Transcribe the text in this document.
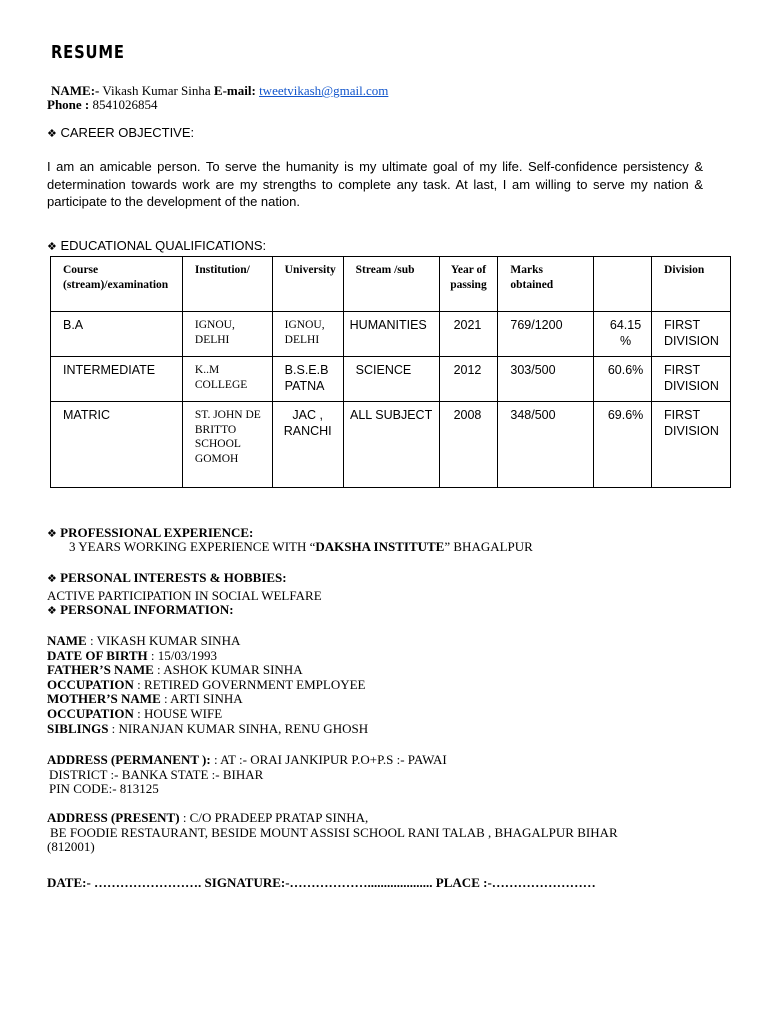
RESUME
NAME:- Vikash Kumar Sinha E-mail: tweetvikash@gmail.com
Phone : 8541026854
❖ CAREER OBJECTIVE:
I am an amicable person. To serve the humanity is my ultimate goal of my life. Self-confidence persistency & determination towards work are my strengths to complete any task. At last, I am willing to serve my nation & participate to the development of the nation.
❖ EDUCATIONAL QUALIFICATIONS:
Course (stream)/examination	Institution/	University	Stream /sub	Year of passing	Marks obtained		Division
B.A	IGNOU, DELHI	IGNOU, DELHI	HUMANITIES	2021	769/1200	64.15 %	FIRST DIVISION
INTERMEDIATE	K..M COLLEGE	B.S.E.B PATNA	SCIENCE	2012	303/500	60.6%	FIRST DIVISION
MATRIC	ST. JOHN DE BRITTO SCHOOL GOMOH	JAC , RANCHI	ALL SUBJECT	2008	348/500	69.6%	FIRST DIVISION
❖ PROFESSIONAL EXPERIENCE:
3 YEARS WORKING EXPERIENCE WITH “DAKSHA INSTITUTE” BHAGALPUR
❖ PERSONAL INTERESTS & HOBBIES:
ACTIVE PARTICIPATION IN SOCIAL WELFARE
❖ PERSONAL INFORMATION:
NAME : VIKASH KUMAR SINHA
DATE OF BIRTH : 15/03/1993
FATHER’S NAME : ASHOK KUMAR SINHA
OCCUPATION : RETIRED GOVERNMENT EMPLOYEE
MOTHER’S NAME : ARTI SINHA
OCCUPATION : HOUSE WIFE
SIBLINGS : NIRANJAN KUMAR SINHA, RENU GHOSH
ADDRESS (PERMANENT ): : AT :- ORAI JANKIPUR P.O+P.S :- PAWAI
DISTRICT :- BANKA STATE :- BIHAR
PIN CODE:- 813125
ADDRESS (PRESENT) : C/O PRADEEP PRATAP SINHA,
BE FOODIE RESTAURANT, BESIDE MOUNT ASSISI SCHOOL RANI TALAB , BHAGALPUR BIHAR
(812001)
DATE:- ……………………. SIGNATURE:-……………….................... PLACE :-……………………
